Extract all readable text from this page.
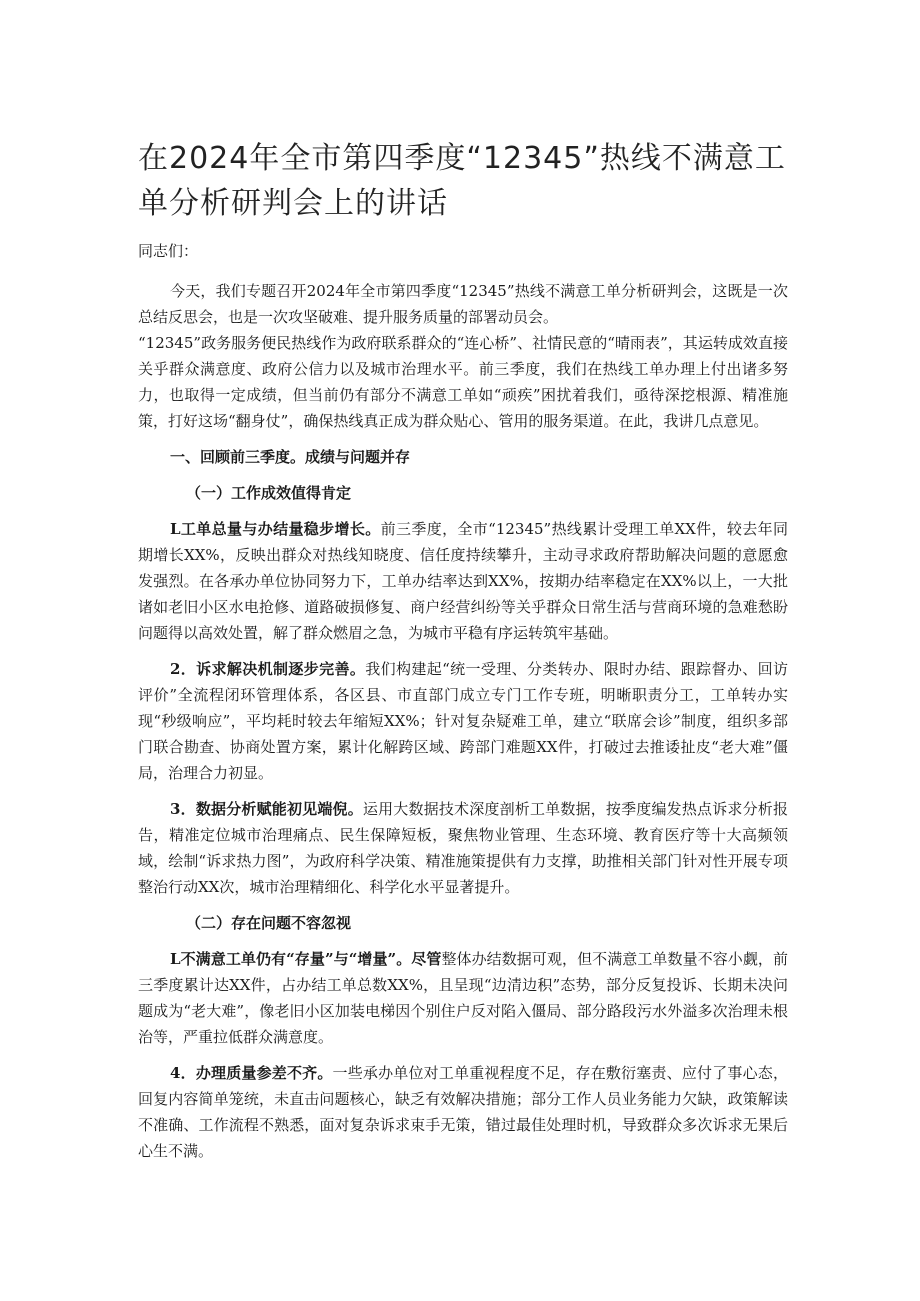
在2024年全市第四季度“12345”热线不满意工单分析研判会上的讲话

同志们：

今天，我们专题召开2024年全市第四季度“12345”热线不满意工单分析研判会，这既是一次总结反思会，也是一次攻坚破难、提升服务质量的部署动员会。

“12345”政务服务便民热线作为政府联系群众的“连心桥”、社情民意的“晴雨表”，其运转成效直接关乎群众满意度、政府公信力以及城市治理水平。前三季度，我们在热线工单办理上付出诸多努力，也取得一定成绩，但当前仍有部分不满意工单如“顽疾”困扰着我们，亟待深挖根源、精准施策，打好这场“翻身仗”，确保热线真正成为群众贴心、管用的服务渠道。在此，我讲几点意见。

一、回顾前三季度。成绩与问题并存

（一）工作成效值得肯定

L工单总量与办结量稳步增长。前三季度，全市“12345”热线累计受理工单XX件，较去年同期增长XX%，反映出群众对热线知晓度、信任度持续攀升，主动寻求政府帮助解决问题的意愿愈发强烈。在各承办单位协同努力下，工单办结率达到XX%，按期办结率稳定在XX%以上，一大批诸如老旧小区水电抢修、道路破损修复、商户经营纠纷等关乎群众日常生活与营商环境的急难愁盼问题得以高效处置，解了群众燃眉之急，为城市平稳有序运转筑牢基础。

2．诉求解决机制逐步完善。我们构建起“统一受理、分类转办、限时办结、跟踪督办、回访评价”全流程闭环管理体系，各区县、市直部门成立专门工作专班，明晰职责分工，工单转办实现“秒级响应”，平均耗时较去年缩短XX%；针对复杂疑难工单，建立“联席会诊”制度，组织多部门联合勘查、协商处置方案，累计化解跨区域、跨部门难题XX件，打破过去推诿扯皮“老大难”僵局，治理合力初显。

3．数据分析赋能初见端倪。运用大数据技术深度剖析工单数据，按季度编发热点诉求分析报告，精准定位城市治理痛点、民生保障短板，聚焦物业管理、生态环境、教育医疗等十大高频领域，绘制“诉求热力图”，为政府科学决策、精准施策提供有力支撑，助推相关部门针对性开展专项整治行动XX次，城市治理精细化、科学化水平显著提升。

（二）存在问题不容忽视

L不满意工单仍有“存量”与“增量”。尽管整体办结数据可观，但不满意工单数量不容小觑，前三季度累计达XX件，占办结工单总数XX%，且呈现“边清边积”态势，部分反复投诉、长期未决问题成为“老大难”，像老旧小区加装电梯因个别住户反对陷入僵局、部分路段污水外溢多次治理未根治等，严重拉低群众满意度。

4．办理质量参差不齐。一些承办单位对工单重视程度不足，存在敷衍塞责、应付了事心态，回复内容简单笼统，未直击问题核心，缺乏有效解决措施；部分工作人员业务能力欠缺，政策解读不准确、工作流程不熟悉，面对复杂诉求束手无策，错过最佳处理时机，导致群众多次诉求无果后心生不满。
